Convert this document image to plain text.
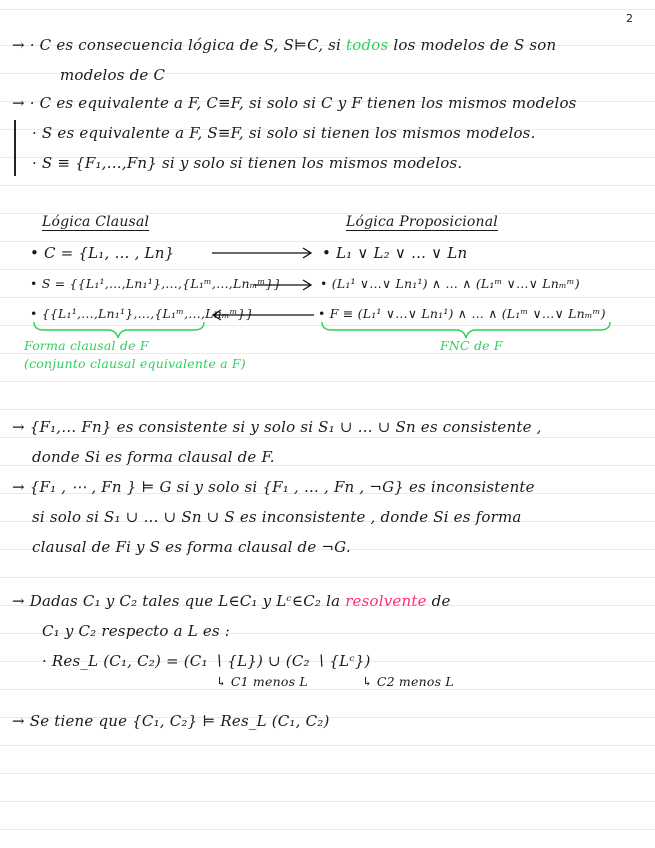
2
→ · C es consecuencia lógica de S, S⊨C, si todos los modelos de S son
modelos de C
→ · C es equivalente a F, C≡F, si solo si C y F tienen los mismos modelos
· S es equivalente a F, S≡F, si solo si tienen los mismos modelos.
· S ≡ {F₁,…,Fn} si y solo si tienen los mismos modelos.
Lógica Clausal	Lógica Proposicional
• C = {L₁, … , Ln}	• L₁ ∨ L₂ ∨ … ∨ Ln
• S = {{L₁¹,…,Ln₁¹},…,{L₁ᵐ,…,Lnₘᵐ}}	• (L₁¹ ∨…∨ Ln₁¹) ∧ … ∧ (L₁ᵐ ∨…∨ Lnₘᵐ)
• {{L₁¹,…,Ln₁¹},…,{L₁ᵐ,…,Lnₘᵐ}}	• F ≡ (L₁¹ ∨…∨ Ln₁¹) ∧ … ∧ (L₁ᵐ ∨…∨ Lnₘᵐ)
Forma clausal de F
(conjunto clausal equivalente a F)
FNC de F
→ {F₁,… Fn} es consistente si y solo si S₁ ∪ … ∪ Sn es consistente ,
donde Si es forma clausal de F.
→ {F₁ , ⋯ , Fn } ⊨ G si y solo si {F₁ , … , Fn , ¬G} es inconsistente
si solo si S₁ ∪ … ∪ Sn ∪ S es inconsistente , donde Si es forma
clausal de Fi y S es forma clausal de ¬G.
→ Dadas C₁ y C₂ tales que L∈C₁ y Lᶜ∈C₂ la resolvente de
C₁ y C₂ respecto a L es :
· Res_L (C₁, C₂) = (C₁ ∖ {L}) ∪ (C₂ ∖ {Lᶜ})
↳ C1 menos L	↳ C2 menos L
→ Se tiene que {C₁, C₂} ⊨ Res_L (C₁, C₂)
